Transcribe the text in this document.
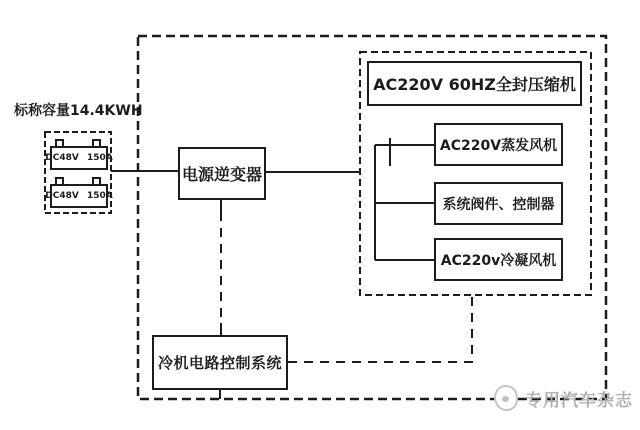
标称容量14.4KWH
DC48V 150A
DC48V 150A
电源逆变器
AC220V 60HZ全封压缩机
AC220V蒸发风机
系统阀件、控制器
AC220v冷凝风机
冷机电路控制系统
专用汽车杂志
